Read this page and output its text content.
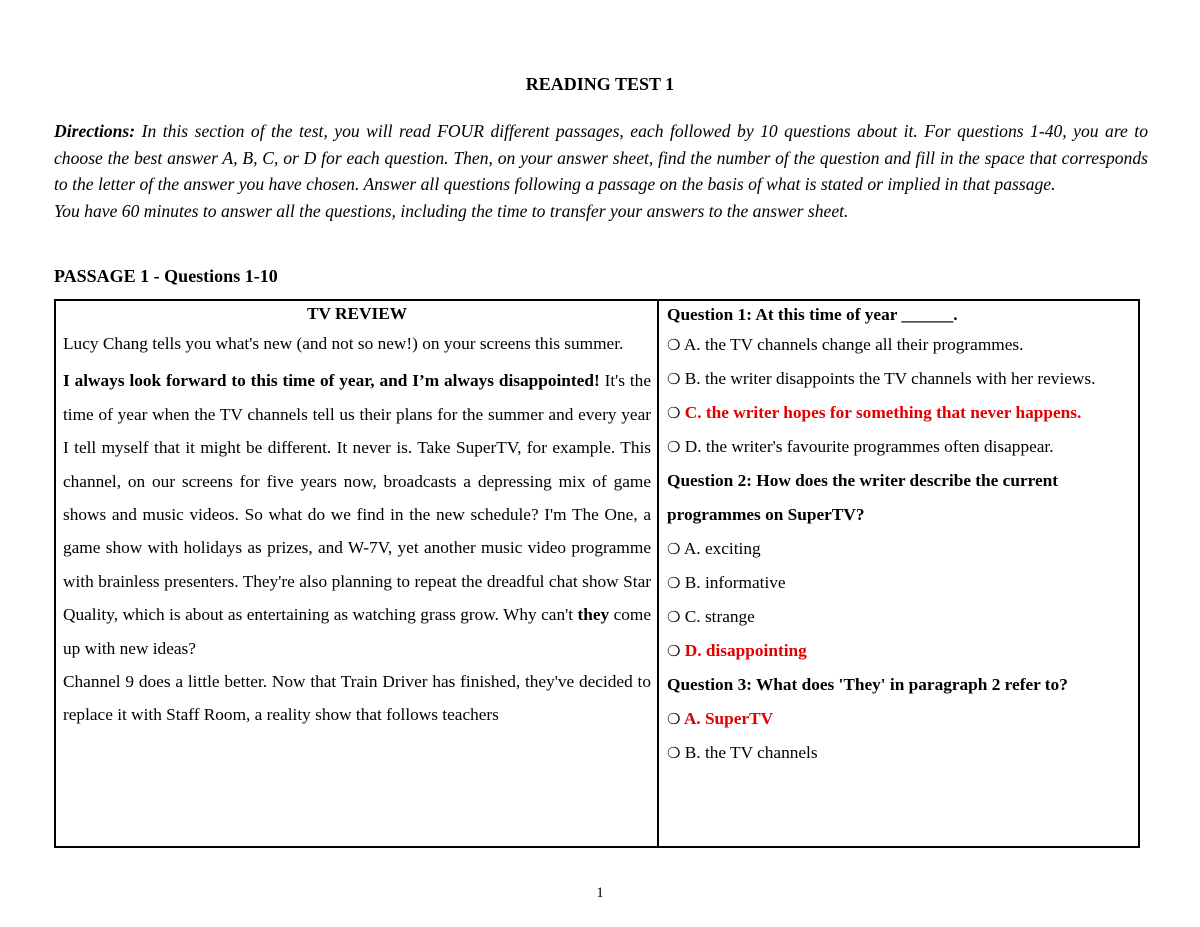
READING TEST 1
Directions: In this section of the test, you will read FOUR different passages, each followed by 10 questions about it. For questions 1-40, you are to choose the best answer A, B, C, or D for each question. Then, on your answer sheet, find the number of the question and fill in the space that corresponds to the letter of the answer you have chosen. Answer all questions following a passage on the basis of what is stated or implied in that passage.
You have 60 minutes to answer all the questions, including the time to transfer your answers to the answer sheet.
PASSAGE 1 - Questions 1-10
TV REVIEW

Lucy Chang tells you what's new (and not so new!) on your screens this summer.

I always look forward to this time of year, and I’m always disappointed! It's the time of year when the TV channels tell us their plans for the summer and every year I tell myself that it might be different. It never is. Take SuperTV, for example. This channel, on our screens for five years now, broadcasts a depressing mix of game shows and music videos. So what do we find in the new schedule? I'm The One, a game show with holidays as prizes, and W-7V, yet another music video programme with brainless presenters. They're also planning to repeat the dreadful chat show Star Quality, which is about as entertaining as watching grass grow. Why can't they come up with new ideas?

Channel 9 does a little better. Now that Train Driver has finished, they've decided to replace it with Staff Room, a reality show that follows teachers

Question 1: At this time of year ______.
❍ A. the TV channels change all their programmes.
❍ B. the writer disappoints the TV channels with her reviews.
❍ C. the writer hopes for something that never happens.
❍ D. the writer's favourite programmes often disappear.
Question 2: How does the writer describe the current programmes on SuperTV?
❍ A. exciting
❍ B. informative
❍ C. strange
❍ D. disappointing
Question 3: What does 'They' in paragraph 2 refer to?
❍ A. SuperTV
❍ B. the TV channels
1
